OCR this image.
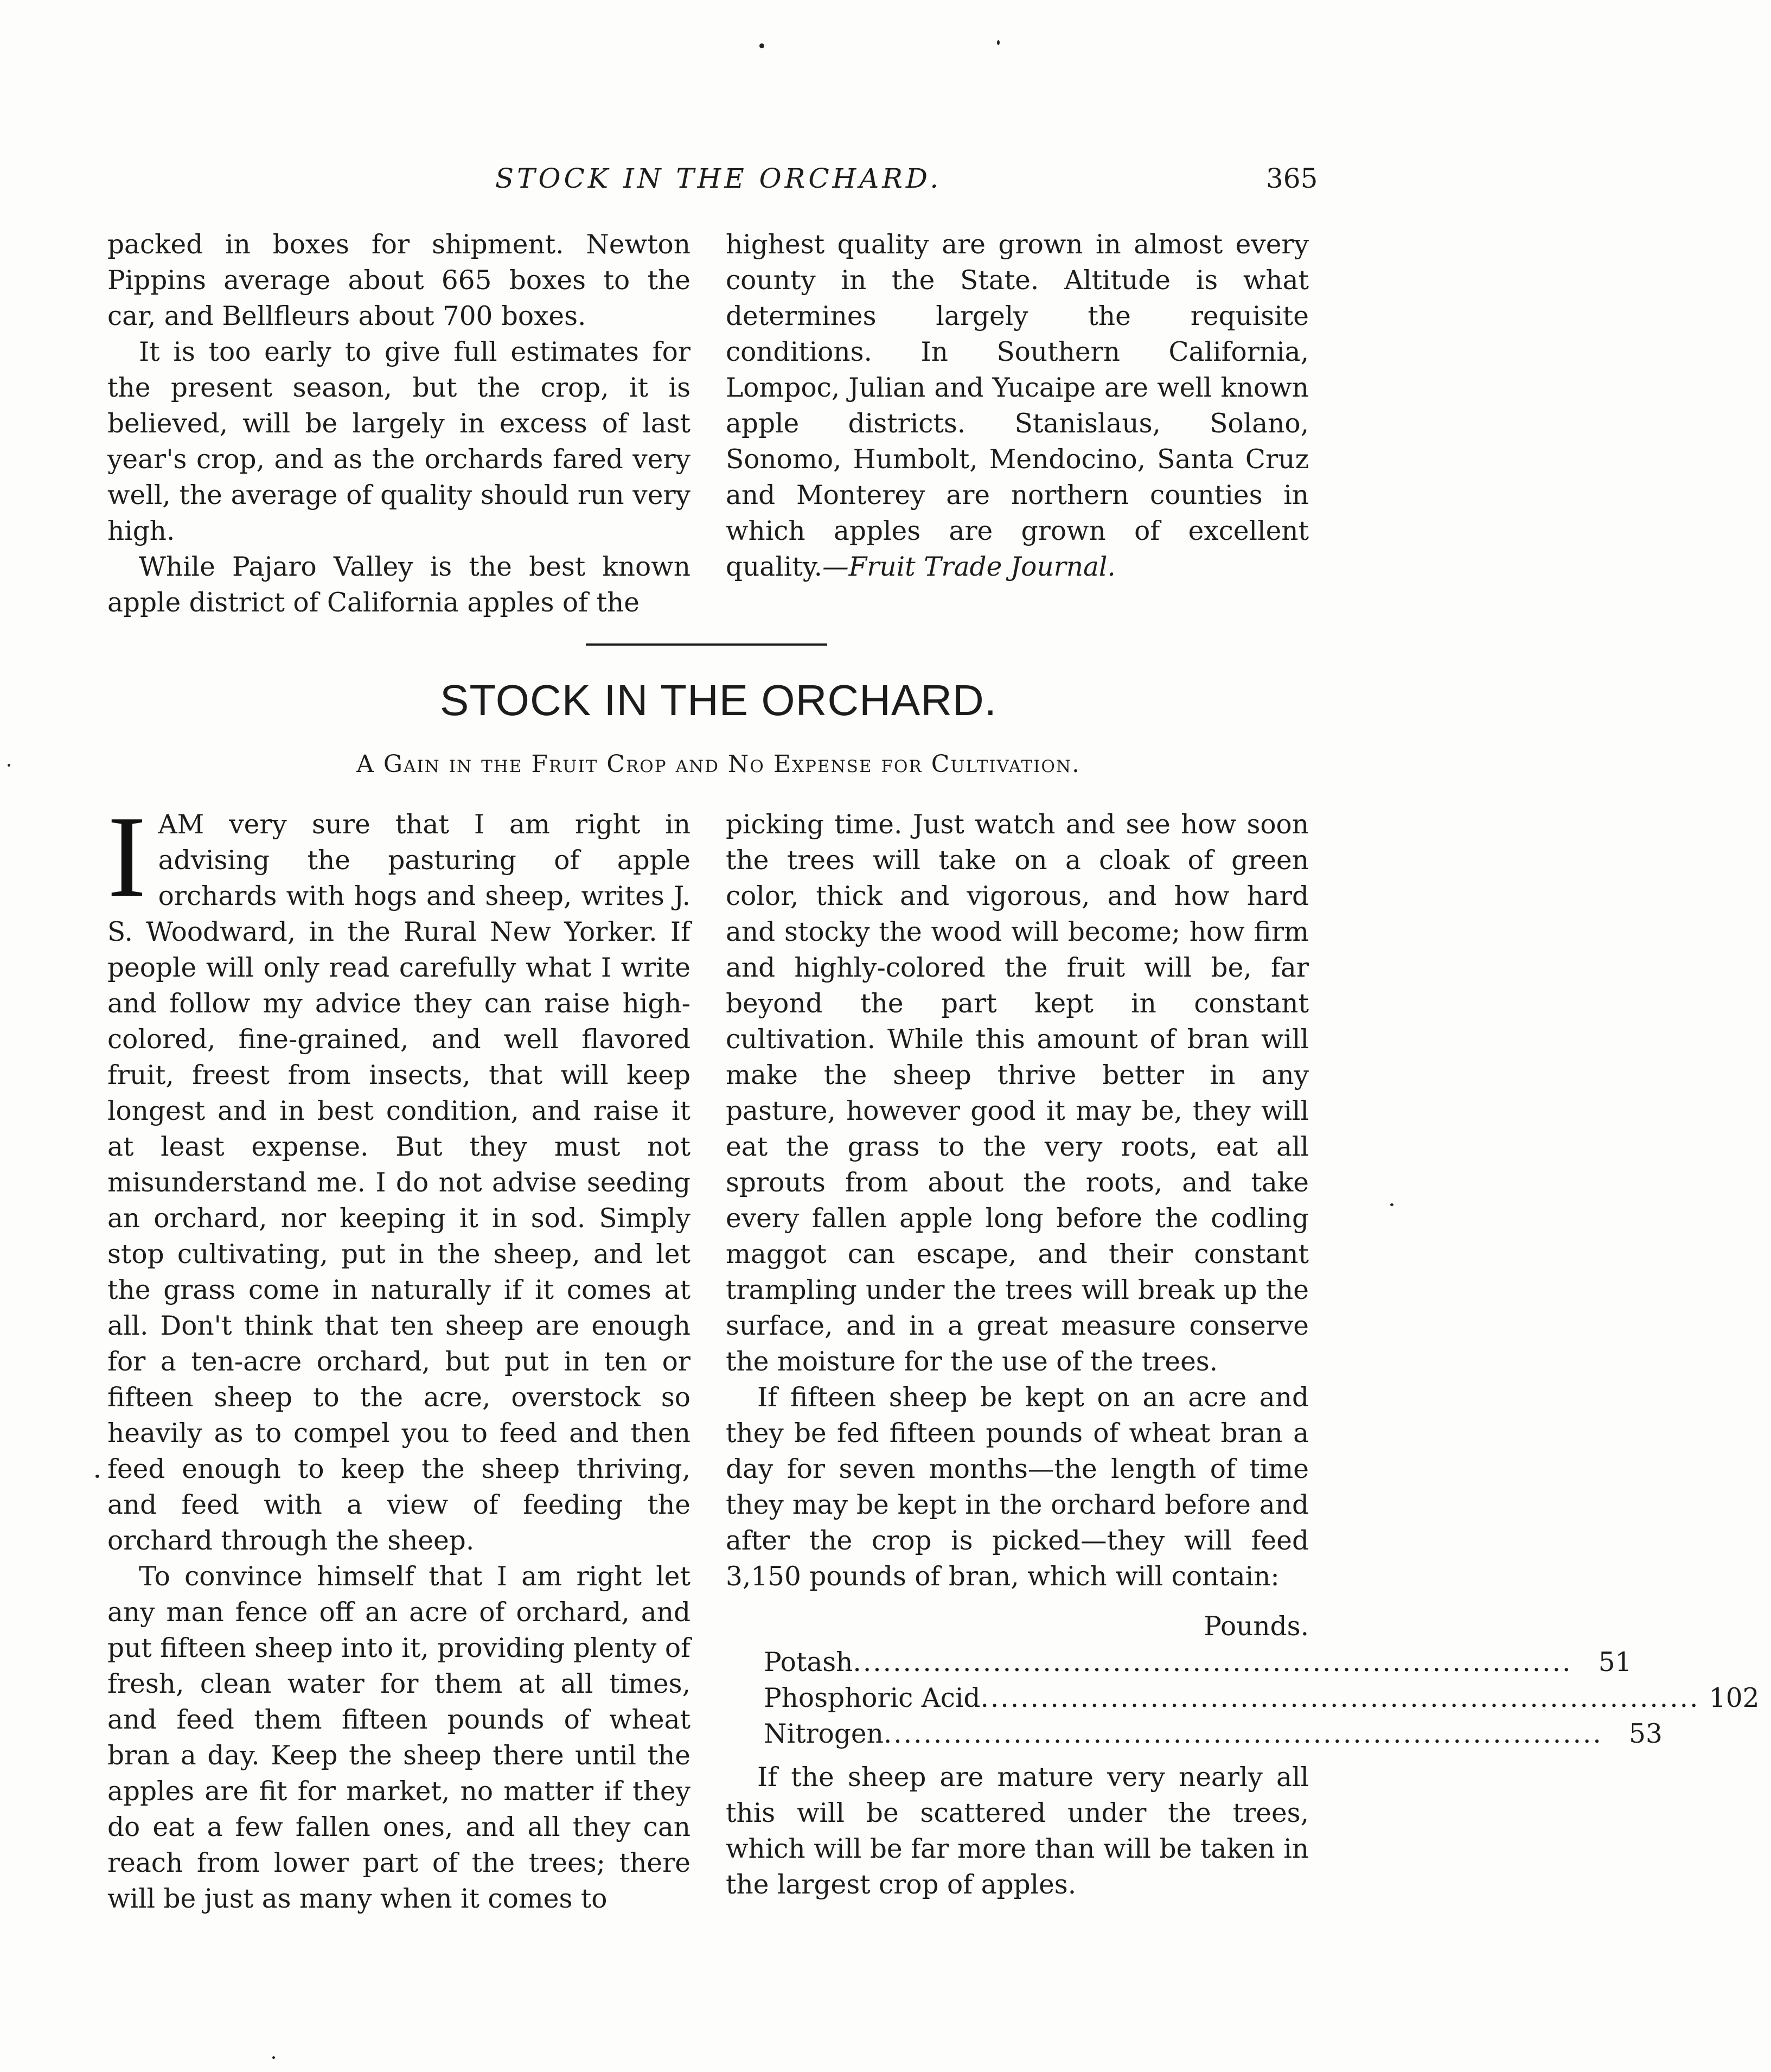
STOCK IN THE ORCHARD.	365

packed in boxes for shipment. Newton Pippins average about 665 boxes to the car, and Bellfleurs about 700 boxes.

It is too early to give full estimates for the present season, but the crop, it is believed, will be largely in excess of last year's crop, and as the orchards fared very well, the average of quality should run very high.

While Pajaro Valley is the best known apple district of California apples of the

highest quality are grown in almost every county in the State. Altitude is what determines largely the requisite conditions. In Southern California, Lompoc, Julian and Yucaipe are well known apple districts. Stanislaus, Solano, Sonomo, Humbolt, Mendocino, Santa Cruz and Monterey are northern counties in which apples are grown of excellent quality.—Fruit Trade Journal.

STOCK IN THE ORCHARD.
A Gain in the Fruit Crop and No Expense for Cultivation.

IAM very sure that I am right in advising the pasturing of apple orchards with hogs and sheep, writes J. S. Woodward, in the Rural New Yorker. If people will only read carefully what I write and follow my advice they can raise high-colored, fine-grained, and well flavored fruit, freest from insects, that will keep longest and in best condition, and raise it at least expense. But they must not misunderstand me. I do not advise seeding an orchard, nor keeping it in sod. Simply stop cultivating, put in the sheep, and let the grass come in naturally if it comes at all. Don't think that ten sheep are enough for a ten-acre orchard, but put in ten or fifteen sheep to the acre, overstock so heavily as to compel you to feed and then feed enough to keep the sheep thriving, and feed with a view of feeding the orchard through the sheep.

To convince himself that I am right let any man fence off an acre of orchard, and put fifteen sheep into it, providing plenty of fresh, clean water for them at all times, and feed them fifteen pounds of wheat bran a day. Keep the sheep there until the apples are fit for market, no matter if they do eat a few fallen ones, and all they can reach from lower part of the trees; there will be just as many when it comes to

picking time. Just watch and see how soon the trees will take on a cloak of green color, thick and vigorous, and how hard and stocky the wood will become; how firm and highly-colored the fruit will be, far beyond the part kept in constant cultivation. While this amount of bran will make the sheep thrive better in any pasture, however good it may be, they will eat the grass to the very roots, eat all sprouts from about the roots, and take every fallen apple long before the codling maggot can escape, and their constant trampling under the trees will break up the surface, and in a great measure conserve the moisture for the use of the trees.

If fifteen sheep be kept on an acre and they be fed fifteen pounds of wheat bran a day for seven months—the length of time they may be kept in the orchard before and after the crop is picked—they will feed 3,150 pounds of bran, which will contain:

Pounds.
Potash ........................................................................ 51
Phosphoric Acid ........................................................................ 102
Nitrogen ........................................................................ 53

If the sheep are mature very nearly all this will be scattered under the trees, which will be far more than will be taken in the largest crop of apples.
